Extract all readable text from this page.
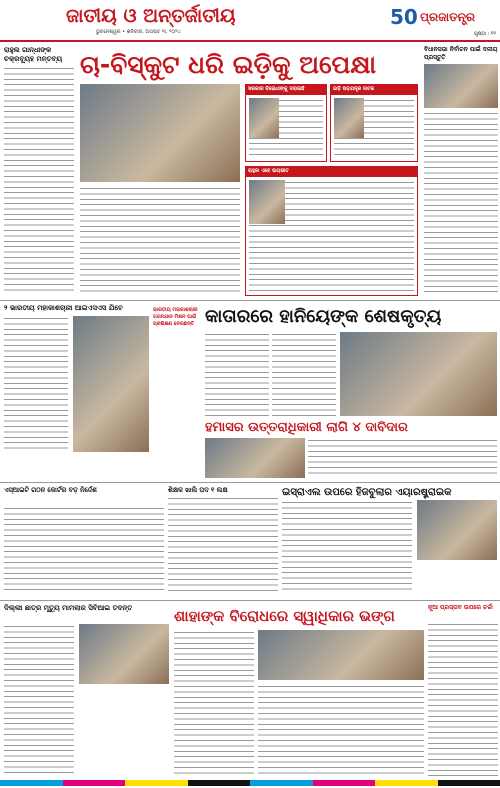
ଜାତୀୟ ଓ ଅନ୍ତର୍ଜାତୀୟ
ଭୁବନେଶ୍ୱର • ଶନିବାର, ଅଗଷ୍ଟ ୩, ୨୦୨୪
50 ପ୍ରଜାତନ୍ତ୍ର
ପୃଷ୍ଠା : ୧୨
ରାହୁଲ ଗାନ୍ଧୀଙ୍କ ଚକ୍ରବ୍ୟୂହ ମନ୍ତବ୍ୟ ଚା-ବିସ୍କୁଟ ଧରି ଇଡ଼ିକୁ ଅପେକ୍ଷା
ସରକାର ବିରୋଧୀଙ୍କୁ ଡରାଉଛି	ଇଡ଼ି ଷଡ଼ଯନ୍ତ୍ର ନାଟକ
ରାହୁଲ ଏବେ ଭୟଭୀତ
ବିଧାନସଭା ନିର୍ବାଚନ ପାଇଁ ଦଳୀୟ ପ୍ରସ୍ତୁତି
୨ ଭାରତୀୟ ମହାକାଶଚାରୀ ଆଇଏସଏସ ଯିବେ	ଭାରତୀୟ ମହାକାଶଚାରୀ ଗଗନଯାନ ମିଶନ ପାଇଁ ପ୍ରଶିକ୍ଷଣ ନେଉଛନ୍ତି କାତାରରେ ହାନିୟେଙ୍କ ଶେଷକୃତ୍ୟ
ହମାସର ଉତ୍ତରାଧିକାରୀ ଲାଗି ୪ ଦାବିଦାର
ଏସ୍‌ଆଇଟି ଗଠନ କୋର୍ଟର ବଡ଼ ନିର୍ଦ୍ଦେଶ	ଶିକ୍ଷକ ଖାଲି ପଦ ୧ ଲକ୍ଷ	ଇସ୍ରାଏଲ ଉପରେ ହିଜବୁଲାର ଏୟାରଷ୍ଟ୍ରାଇକ
ଦିଲ୍ଲୀ ଛାତ୍ର ମୃତ୍ୟୁ ମାମଲାର ସିବିଆଇ ତଦନ୍ତ	ଶାହାଙ୍କ ବିରୋଧରେ ସ୍ୱାଧିକାର ଭଙ୍ଗ	ନୂଆ ପ୍ରସ୍ତାବ ଉପରେ ଚର୍ଚ୍ଚା
